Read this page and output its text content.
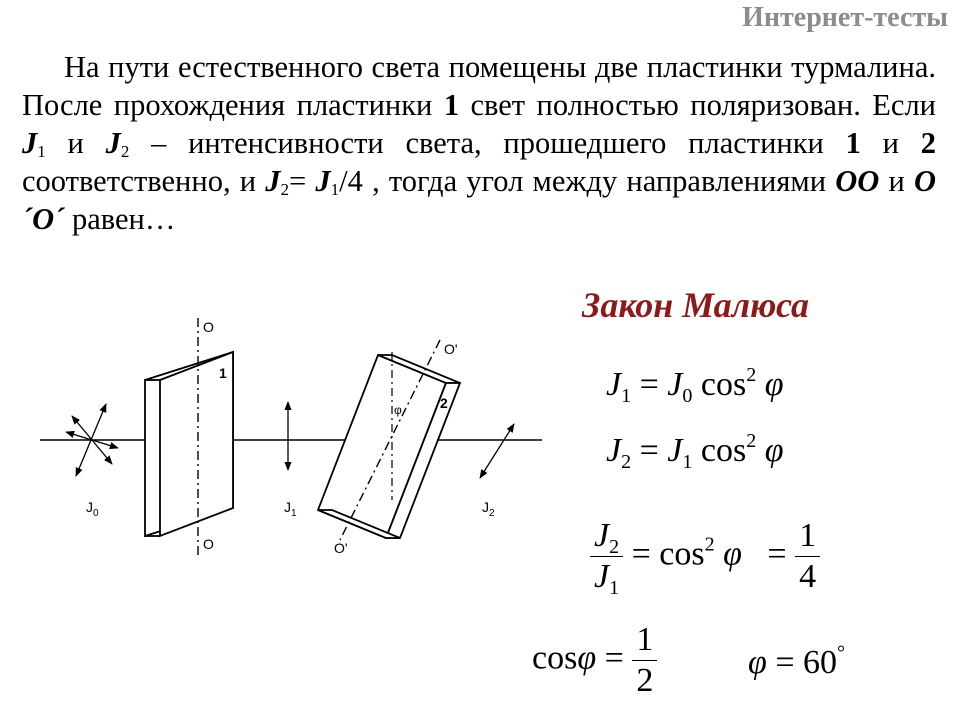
Интернет-тесты
На пути естественного света помещены две пластинки турмалина. После прохождения пластинки 1 свет полностью поляризован. Если $J_1$ и $J_2$ – интенсивности света, прошедшего пластинки 1 и 2 соответственно, и $J_2= J_1/4$ , тогда угол между направлениями OO и O´O´ равен…
Закон Малюса
$J_1 = J_0$ $\cos^2 \varphi$
$J_2 = J_1$ $\cos^2 \varphi$
$\frac{J_2}{J_1} = \cos^2 \varphi = \frac{1}{4}$
$\cos\varphi = \frac{1}{2}$	φ = 60°
O
O
O'
O'
1
2
φ
$J_0$	$J_1$	$J_2$
